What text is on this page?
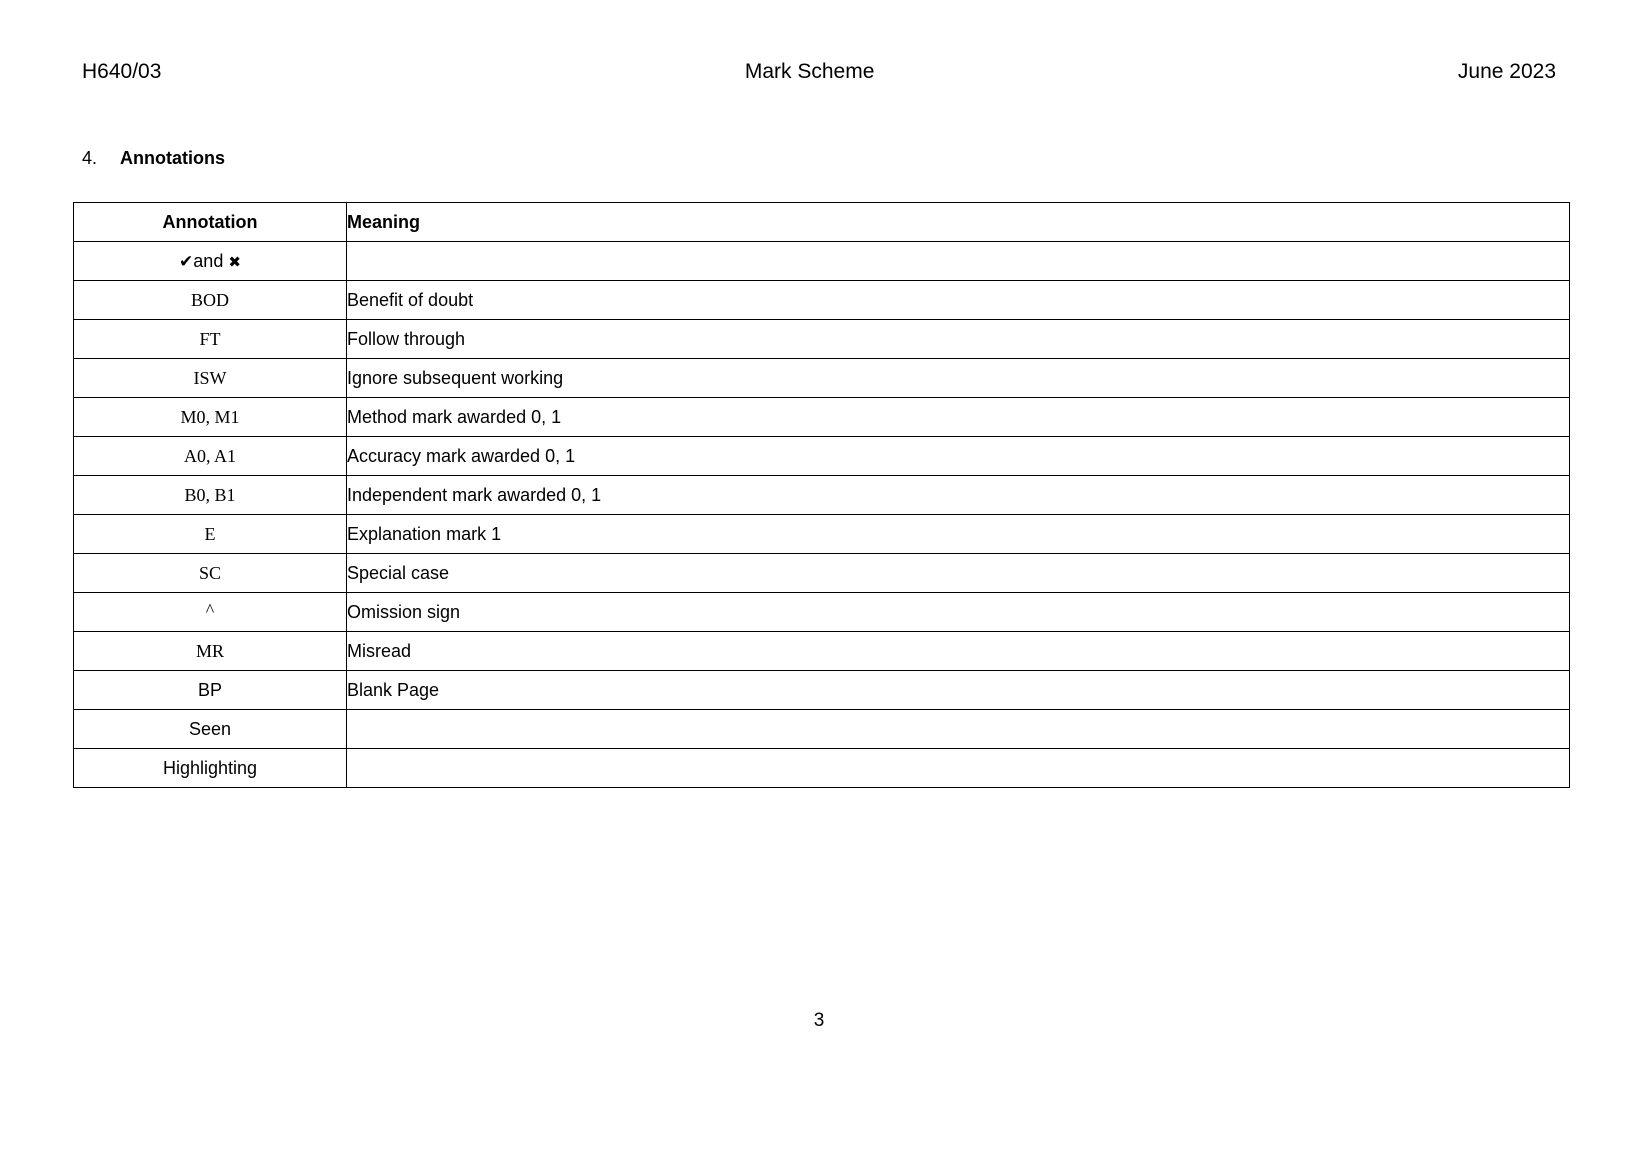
H640/03	Mark Scheme	June 2023
4.	Annotations
Annotation	Meaning
✔and ✖	
BOD	Benefit of doubt
FT	Follow through
ISW	Ignore subsequent working
M0, M1	Method mark awarded 0, 1
A0, A1	Accuracy mark awarded 0, 1
B0, B1	Independent mark awarded 0, 1
E	Explanation mark 1
SC	Special case
^	Omission sign
MR	Misread
BP	Blank Page
Seen	
Highlighting	
3
